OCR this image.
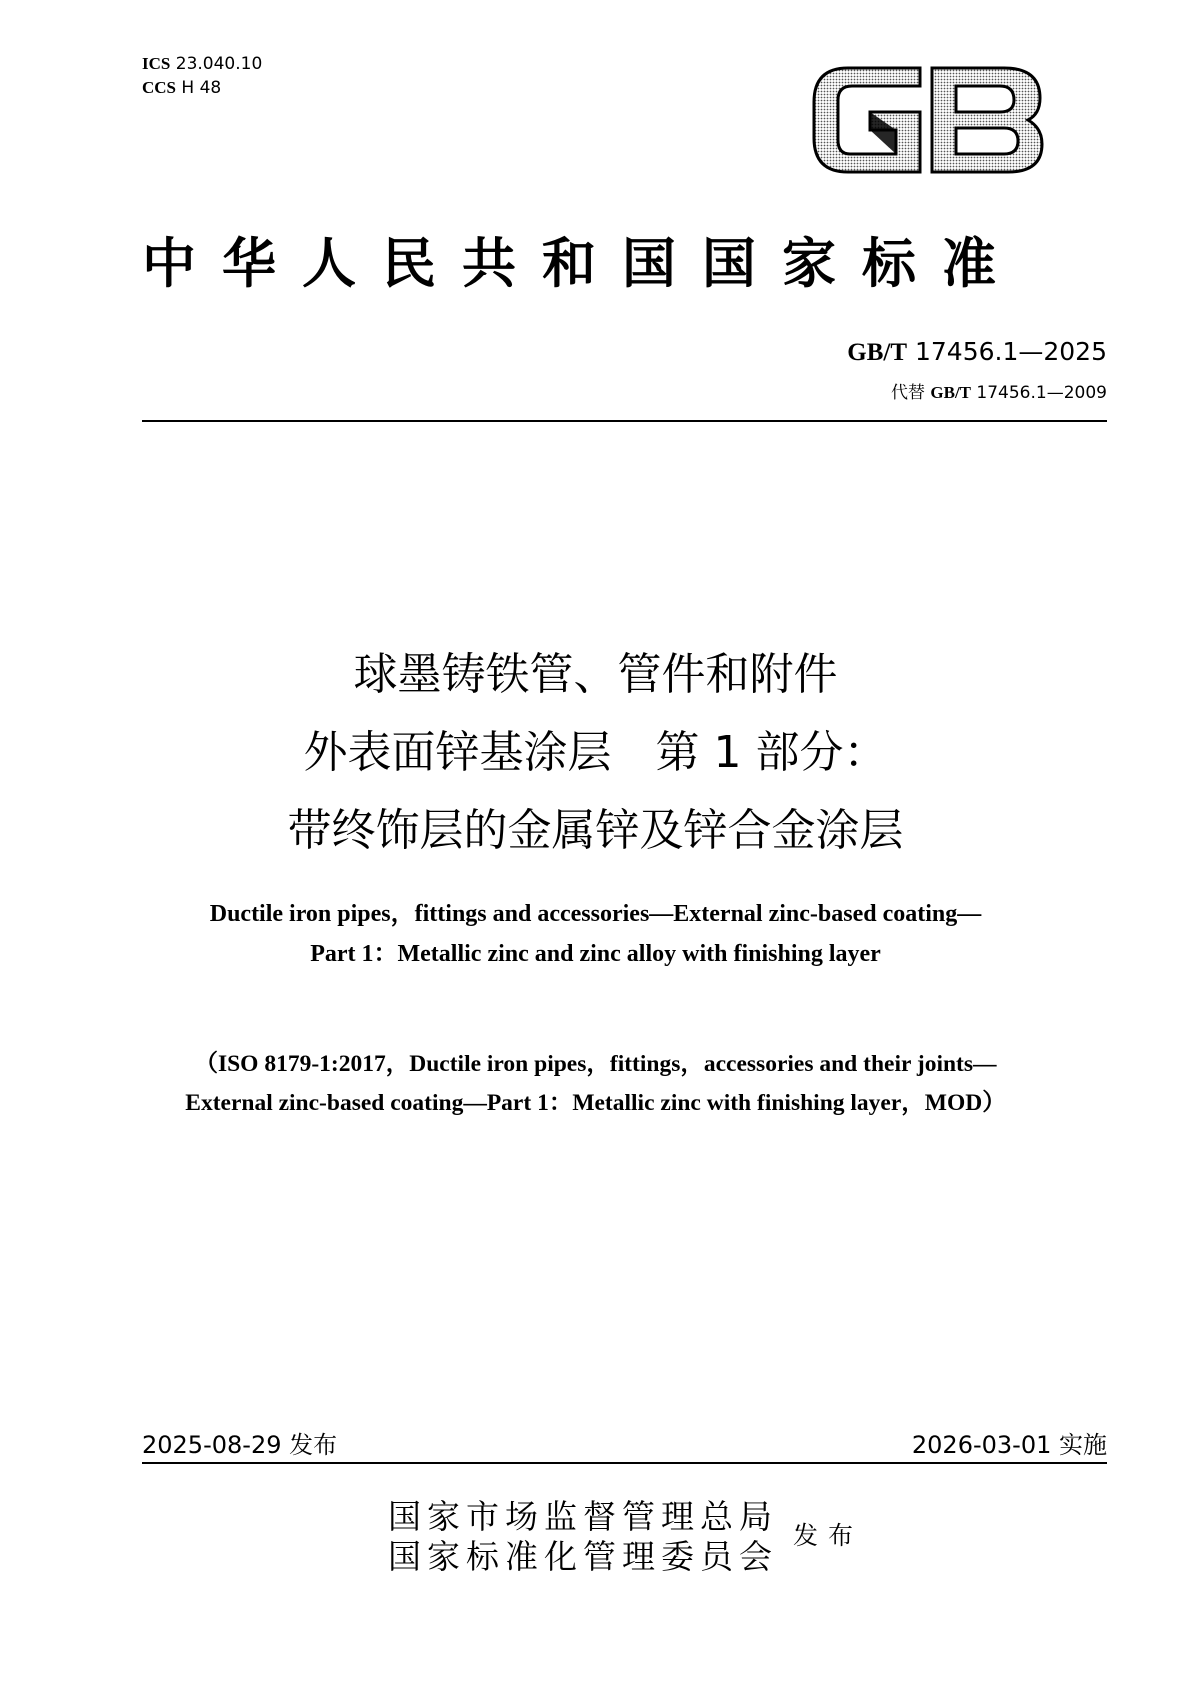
ICS 23.040.10
CCS H 48
中华人民共和国国家标准
GB/T 17456.1—2025
代替 GB/T 17456.1—2009
球墨铸铁管、管件和附件
外表面锌基涂层　第 1 部分：
带终饰层的金属锌及锌合金涂层
Ductile iron pipes，fittings and accessories—External zinc-based coating—
Part 1：Metallic zinc and zinc alloy with finishing layer
（ISO 8179-1:2017，Ductile iron pipes，fittings，accessories and their joints—
External zinc-based coating—Part 1：Metallic zinc with finishing layer，MOD）
2025-08-29 发布	2026-03-01 实施
国家市场监督管理总局
国家标准化管理委员会
发布
